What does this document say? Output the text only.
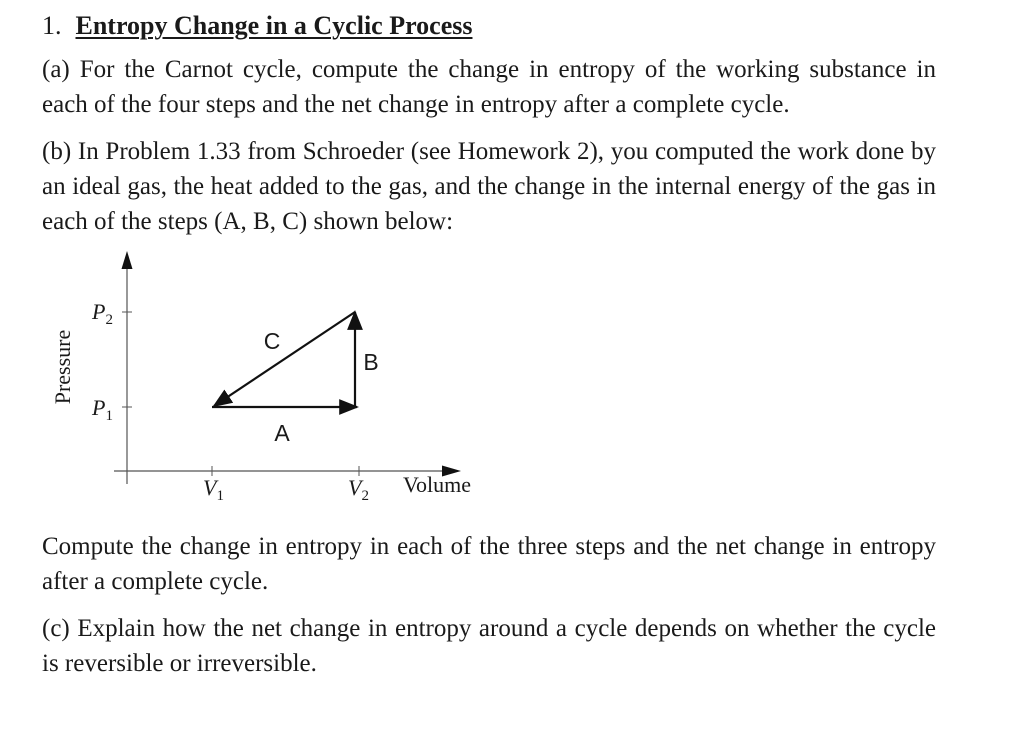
1. Entropy Change in a Cyclic Process

(a) For the Carnot cycle, compute the change in entropy of the working substance in each of the four steps and the net change in entropy after a complete cycle.

(b) In Problem 1.33 from Schroeder (see Homework 2), you computed the work done by an ideal gas, the heat added to the gas, and the change in the internal energy of the gas in each of the steps (A, B, C) shown below:

Pressure
Volume
$P_2$
$P_1$
$V_1$	$V_2$
A
B
C

Compute the change in entropy in each of the three steps and the net change in entropy after a complete cycle.

(c) Explain how the net change in entropy around a cycle depends on whether the cycle is reversible or irreversible.
